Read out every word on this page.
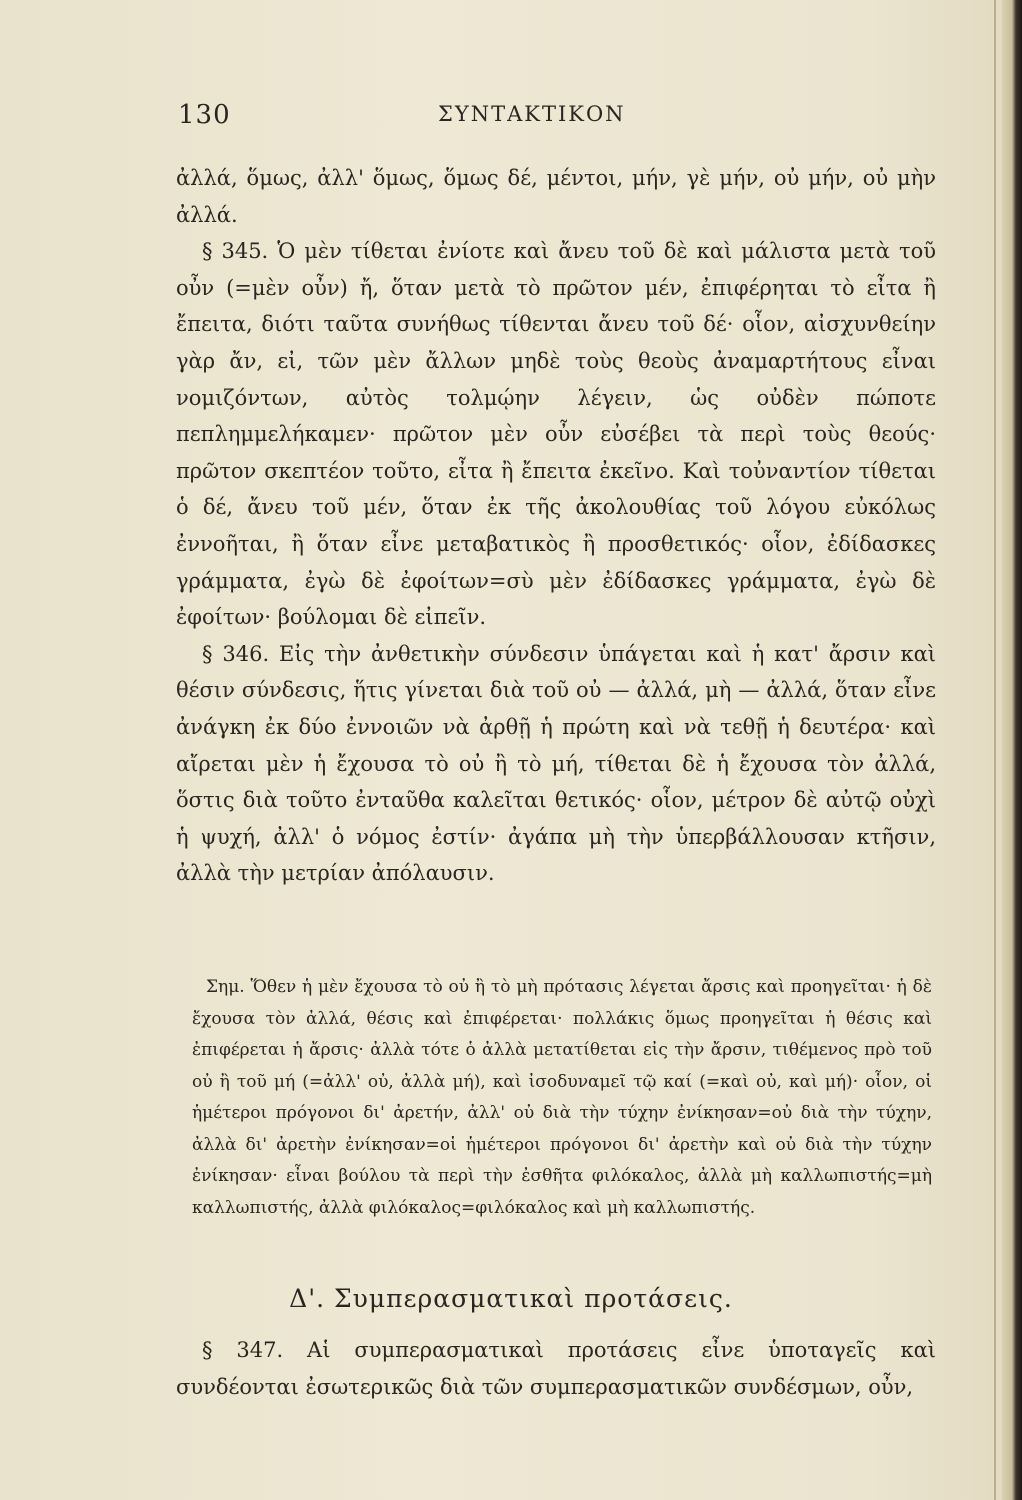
130	ΣΥΝΤΑΚΤΙΚΟΝ

ἀλλά, ὅμως, ἀλλ' ὅμως, ὅμως δέ, μέντοι, μήν, γὲ μήν, οὐ μήν, οὐ μὴν ἀλλά.

§ 345. Ὁ μὲν τίθεται ἐνίοτε καὶ ἄνευ τοῦ δὲ καὶ μάλιστα μετὰ τοῦ οὖν (=μὲν οὖν) ἤ, ὅταν μετὰ τὸ πρῶτον μέν, ἐπιφέρηται τὸ εἶτα ἢ ἔπειτα, διότι ταῦτα συνήθως τίθενται ἄνευ τοῦ δέ· οἷον, αἰσχυνθείην γὰρ ἄν, εἰ, τῶν μὲν ἄλλων μηδὲ τοὺς θεοὺς ἀναμαρτήτους εἶναι νομιζόντων, αὐτὸς τολμῴην λέγειν, ὡς οὐδὲν πώποτε πεπλημμελήκαμεν· πρῶτον μὲν οὖν εὐσέβει τὰ περὶ τοὺς θεούς· πρῶτον σκεπτέον τοῦτο, εἶτα ἢ ἔπειτα ἐκεῖνο. Καὶ τοὐναντίον τίθεται ὁ δέ, ἄνευ τοῦ μέν, ὅταν ἐκ τῆς ἀκολουθίας τοῦ λόγου εὐκόλως ἐννοῆται, ἢ ὅταν εἶνε μεταβατικὸς ἢ προσθετικός· οἷον, ἐδίδασκες γράμματα, ἐγὼ δὲ ἐφοίτων=σὺ μὲν ἐδίδασκες γράμματα, ἐγὼ δὲ ἐφοίτων· βούλομαι δὲ εἰπεῖν.

§ 346. Εἰς τὴν ἀνθετικὴν σύνδεσιν ὑπάγεται καὶ ἡ κατ' ἄρσιν καὶ θέσιν σύνδεσις, ἥτις γίνεται διὰ τοῦ οὐ — ἀλλά, μὴ — ἀλλά, ὅταν εἶνε ἀνάγκη ἐκ δύο ἐννοιῶν νὰ ἀρθῇ ἡ πρώτη καὶ νὰ τεθῇ ἡ δευτέρα· καὶ αἴρεται μὲν ἡ ἔχουσα τὸ οὐ ἢ τὸ μή, τίθεται δὲ ἡ ἔχουσα τὸν ἀλλά, ὅστις διὰ τοῦτο ἐνταῦθα καλεῖται θετικός· οἷον, μέτρον δὲ αὐτῷ οὐχὶ ἡ ψυχή, ἀλλ' ὁ νόμος ἐστίν· ἀγάπα μὴ τὴν ὑπερβάλλουσαν κτῆσιν, ἀλλὰ τὴν μετρίαν ἀπόλαυσιν.

Σημ. Ὅθεν ἡ μὲν ἔχουσα τὸ οὐ ἢ τὸ μὴ πρότασις λέγεται ἄρσις καὶ προηγεῖται· ἡ δὲ ἔχουσα τὸν ἀλλά, θέσις καὶ ἐπιφέρεται· πολλάκις ὅμως προηγεῖται ἡ θέσις καὶ ἐπιφέρεται ἡ ἄρσις· ἀλλὰ τότε ὁ ἀλλὰ μετατίθεται εἰς τὴν ἄρσιν, τιθέμενος πρὸ τοῦ οὐ ἢ τοῦ μή (=ἀλλ' οὐ, ἀλλὰ μή), καὶ ἰσοδυναμεῖ τῷ καί (=καὶ οὐ, καὶ μή)· οἷον, οἱ ἡμέτεροι πρόγονοι δι' ἀρετήν, ἀλλ' οὐ διὰ τὴν τύχην ἐνίκησαν=οὐ διὰ τὴν τύχην, ἀλλὰ δι' ἀρετὴν ἐνίκησαν=οἱ ἡμέτεροι πρόγονοι δι' ἀρετὴν καὶ οὐ διὰ τὴν τύχην ἐνίκησαν· εἶναι βούλου τὰ περὶ τὴν ἐσθῆτα φιλόκαλος, ἀλλὰ μὴ καλλωπιστής=μὴ καλλωπιστής, ἀλλὰ φιλόκαλος=φιλόκαλος καὶ μὴ καλλωπιστής.

Δ'. Συμπερασματικαὶ προτάσεις.

§ 347. Αἱ συμπερασματικαὶ προτάσεις εἶνε ὑποταγεῖς καὶ συνδέονται ἐσωτερικῶς διὰ τῶν συμπερασματικῶν συνδέσμων, οὖν,
